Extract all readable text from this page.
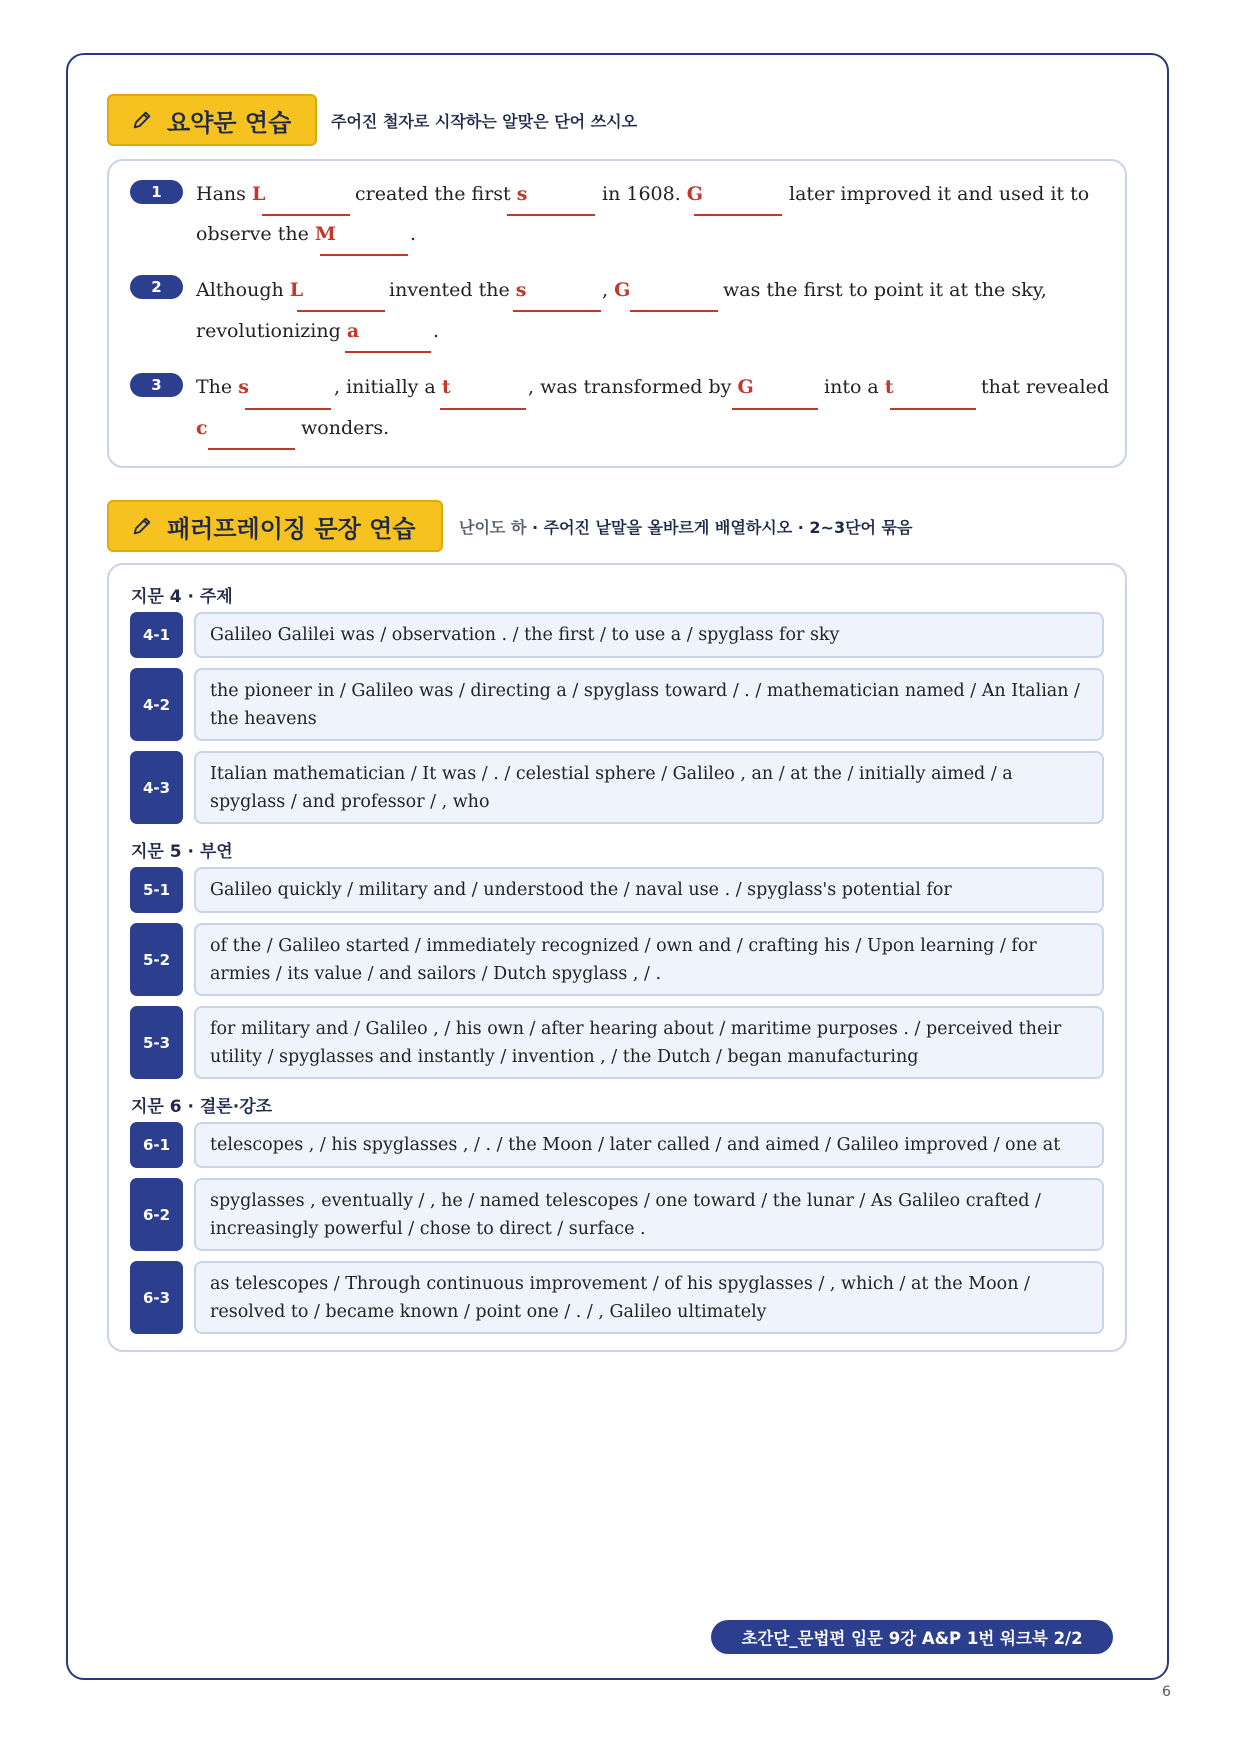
요약문 연습 주어진 철자로 시작하는 알맞은 단어 쓰시오
1	Hans L	created the first s	in 1608. G	later improved it and used it to
observe the M	.
2	Although L	invented the s	, G	was the first to point it at the sky,
revolutionizing a	.
3	The s	, initially a t	, was transformed by G	into a t	that revealed
c	wonders.
패러프레이징 문장 연습	난이도 하 · 주어진 낱말을 올바르게 배열하시오 · 2~3단어 묶음
지문 4 · 주제
4-1	Galileo Galilei was / observation . / the first / to use a / spyglass for sky
4-2
the pioneer in / Galileo was / directing a / spyglass toward / . / mathematician named / An Italian / the heavens
4-3
Italian mathematician / It was / . / celestial sphere / Galileo , an / at the / initially aimed / a spyglass / and professor / , who
지문 5 · 부연
5-1	Galileo quickly / military and / understood the / naval use . / spyglass's potential for
5-2
of the / Galileo started / immediately recognized / own and / crafting his / Upon learning / for armies / its value / and sailors / Dutch spyglass , / .
5-3
for military and / Galileo , / his own / after hearing about / maritime purposes . / perceived their utility / spyglasses and instantly / invention , / the Dutch / began manufacturing
지문 6 · 결론·강조
6-1	telescopes , / his spyglasses , / . / the Moon / later called / and aimed / Galileo improved / one at
6-2
spyglasses , eventually / , he / named telescopes / one toward / the lunar / As Galileo crafted / increasingly powerful / chose to direct / surface .
6-3
as telescopes / Through continuous improvement / of his spyglasses / , which / at the Moon / resolved to / became known / point one / . / , Galileo ultimately
초간단_문법편 입문 9강 A&P 1번 워크북 2/2
6
